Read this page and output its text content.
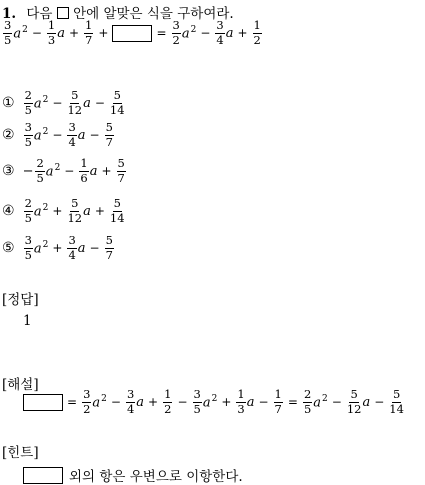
1. 다음 안에 알맞은 식을 구하여라.
$\frac{3}{5} a^2 - \frac{1}{3}$ $a + \frac{1}{7}$ +	= $\frac{3}{2} a^2 - \frac{3}{4}$ $a + \frac{1}{2}$
① $\frac{2}{5} a^2 - \frac{5}{12}$ $a - \frac{5}{14}$
② $\frac{3}{5} a^2 - \frac{3}{4}$ $a - \frac{5}{7}$
③ − $\frac{2}{5} a^2 - \frac{1}{6}$ $a + \frac{5}{7}$
④ $\frac{2}{5} a^2 + \frac{5}{12}$ $a + \frac{5}{14}$
⑤ $\frac{3}{5} a^2 + \frac{3}{4}$ $a - \frac{5}{7}$
[정답]
1
[해설]
= $\frac{3}{2} a^2 - \frac{3}{4}$ $a + \frac{1}{2} - \frac{3}{5} a^2 + \frac{1}{3}$ $a - \frac{1}{7} = \frac{2}{5} a^2 - \frac{5}{12}$ $a - \frac{5}{14}$
[힌트]
외의 항은 우변으로 이항한다.
